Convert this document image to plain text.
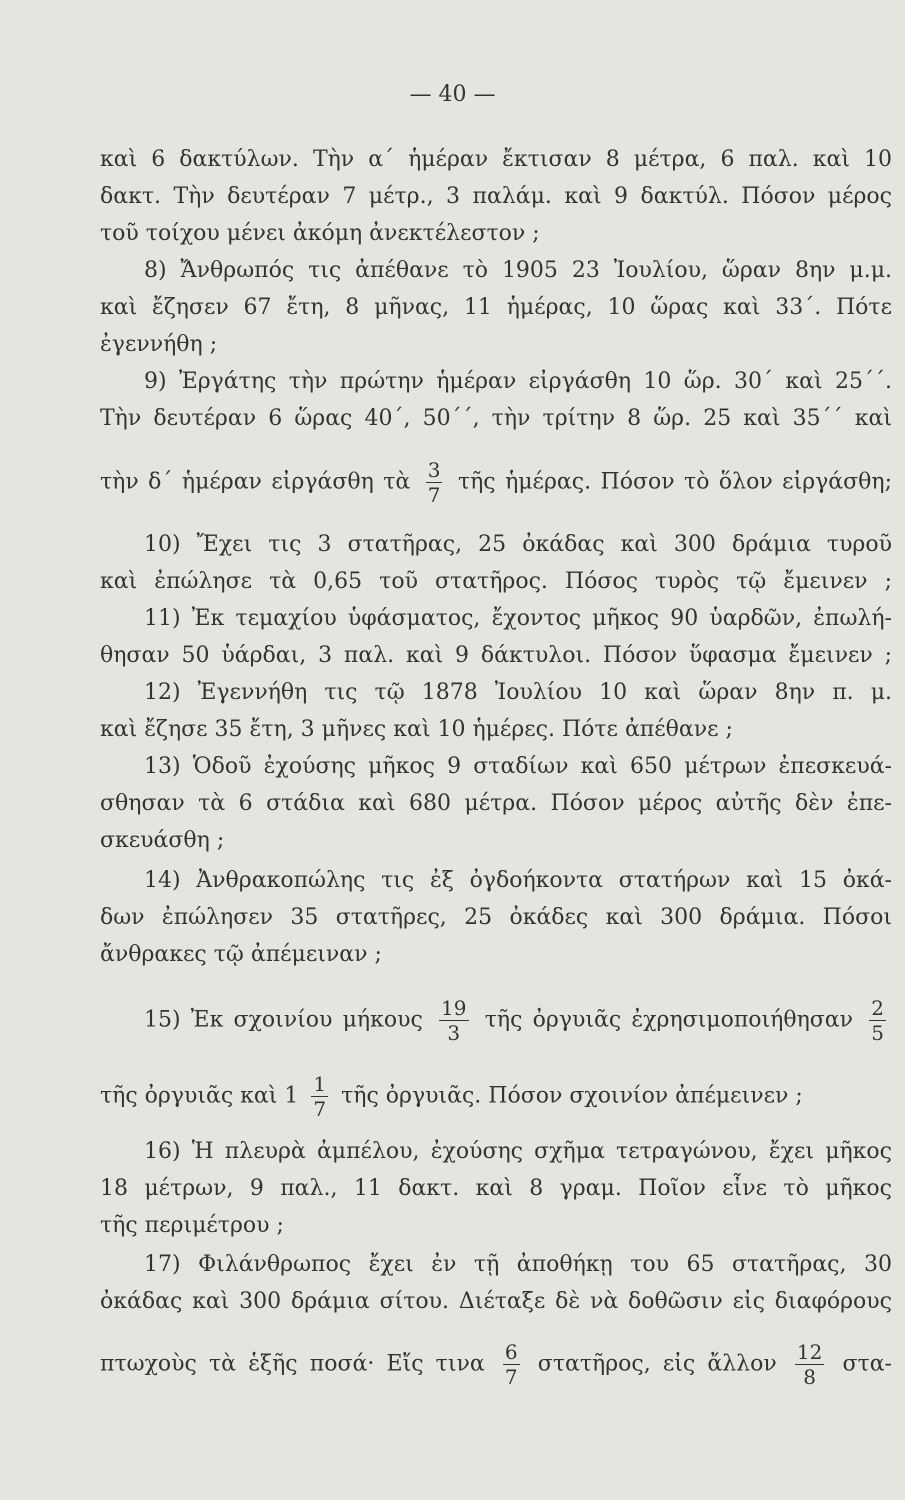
— 40 —

καὶ 6 δακτύλων. Τὴν α΄ ἡμέραν ἔκτισαν 8 μέτρα, 6 παλ. καὶ 10

δακτ. Τὴν δευτέραν 7 μέτρ., 3 παλάμ. καὶ 9 δακτύλ. Πόσον μέρος

τοῦ τοίχου μένει ἀκόμη ἀνεκτέλεστον ;

8) Ἄνθρωπός τις ἀπέθανε τὸ 1905 23 Ἰουλίου, ὥραν 8ην μ.μ.

καὶ ἔζησεν 67 ἔτη, 8 μῆνας, 11 ἡμέρας, 10 ὥρας καὶ 33΄. Πότε

ἐγεννήθη ;

9) Ἐργάτης τὴν πρώτην ἡμέραν εἰργάσθη 10 ὥρ. 30΄ καὶ 25΄΄.

Τὴν δευτέραν 6 ὥρας 40΄, 50΄΄, τὴν τρίτην 8 ὥρ. 25 καὶ 35΄΄ καὶ

τὴν δ΄ ἡμέραν εἰργάσθη τὰ $\frac{3}{7}$ τῆς ἡμέρας. Πόσον τὸ ὅλον εἰργάσθη;

10) Ἔχει τις 3 στατῆρας, 25 ὀκάδας καὶ 300 δράμια τυροῦ

καὶ ἐπώλησε τὰ 0,65 τοῦ στατῆρος. Πόσος τυρὸς τῷ ἔμεινεν ;

11) Ἐκ τεμαχίου ὑφάσματος, ἔχοντος μῆκος 90 ὑαρδῶν, ἐπωλή-

θησαν 50 ὑάρδαι, 3 παλ. καὶ 9 δάκτυλοι. Πόσον ὕφασμα ἔμεινεν ;

12) Ἐγεννήθη τις τῷ 1878 Ἰουλίου 10 καὶ ὥραν 8ην π. μ.

καὶ ἔζησε 35 ἔτη, 3 μῆνες καὶ 10 ἡμέρες. Πότε ἀπέθανε ;

13) Ὁδοῦ ἐχούσης μῆκος 9 σταδίων καὶ 650 μέτρων ἐπεσκευά-

σθησαν τὰ 6 στάδια καὶ 680 μέτρα. Πόσον μέρος αὐτῆς δὲν ἐπε-

σκευάσθη ;

14) Ἀνθρακοπώλης τις ἐξ ὀγδοήκοντα στατήρων καὶ 15 ὀκά-

δων ἐπώλησεν 35 στατῆρες, 25 ὀκάδες καὶ 300 δράμια. Πόσοι

ἄνθρακες τῷ ἀπέμειναν ;

15) Ἐκ σχοινίου μήκους $\frac{19}{3}$ τῆς ὀργυιᾶς ἐχρησιμοποιήθησαν $\frac{2}{5}$

τῆς ὀργυιᾶς καὶ $1 \frac{1}{7}$ τῆς ὀργυιᾶς. Πόσον σχοινίον ἀπέμεινεν ;

16) Ἡ πλευρὰ ἀμπέλου, ἐχούσης σχῆμα τετραγώνου, ἔχει μῆκος

18 μέτρων, 9 παλ., 11 δακτ. καὶ 8 γραμ. Ποῖον εἶνε τὸ μῆκος

τῆς περιμέτρου ;

17) Φιλάνθρωπος ἔχει ἐν τῇ ἀποθήκῃ του 65 στατῆρας, 30

ὀκάδας καὶ 300 δράμια σίτου. Διέταξε δὲ νὰ δοθῶσιν εἰς διαφόρους

πτωχοὺς τὰ ἑξῆς ποσά· Εἴς τινα $\frac{6}{7}$ στατῆρος, εἰς ἄλλον $\frac{12}{8} \sigma\tau\alpha-$
